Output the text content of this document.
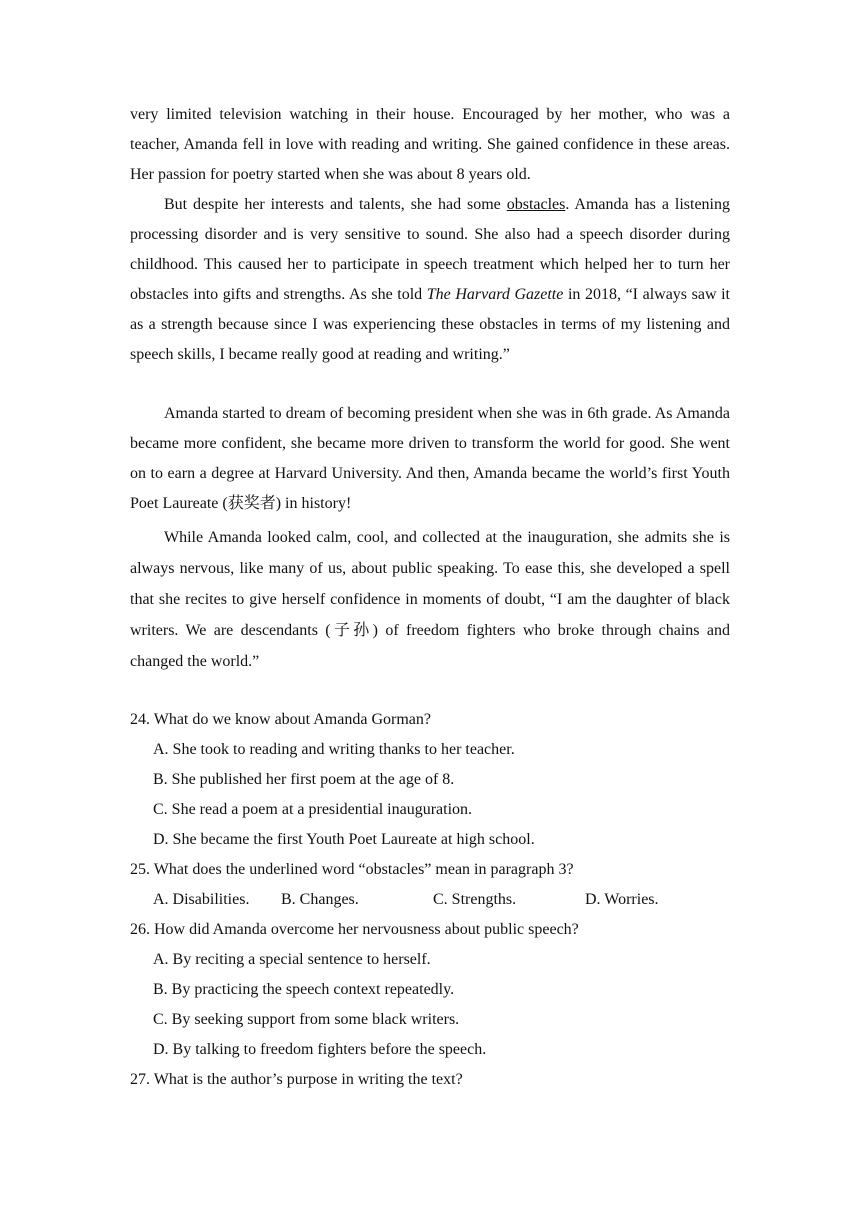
very limited television watching in their house. Encouraged by her mother, who was a teacher, Amanda fell in love with reading and writing. She gained confidence in these areas. Her passion for poetry started when she was about 8 years old.

But despite her interests and talents, she had some obstacles. Amanda has a listening processing disorder and is very sensitive to sound. She also had a speech disorder during childhood. This caused her to participate in speech treatment which helped her to turn her obstacles into gifts and strengths. As she told The Harvard Gazette in 2018, “I always saw it as a strength because since I was experiencing these obstacles in terms of my listening and speech skills, I became really good at reading and writing.”

Amanda started to dream of becoming president when she was in 6th grade. As Amanda became more confident, she became more driven to transform the world for good. She went on to earn a degree at Harvard University. And then, Amanda became the world’s first Youth Poet Laureate (获奖者) in history!

While Amanda looked calm, cool, and collected at the inauguration, she admits she is always nervous, like many of us, about public speaking. To ease this, she developed a spell that she recites to give herself confidence in moments of doubt, “I am the daughter of black writers. We are descendants (子孙) of freedom fighters who broke through chains and changed the world.”

24. What do we know about Amanda Gorman?

A. She took to reading and writing thanks to her teacher.

B. She published her first poem at the age of 8.

C. She read a poem at a presidential inauguration.

D. She became the first Youth Poet Laureate at high school.

25. What does the underlined word “obstacles” mean in paragraph 3?

A. Disabilities. B. Changes.	C. Strengths.	D. Worries.

26. How did Amanda overcome her nervousness about public speech?

A. By reciting a special sentence to herself.

B. By practicing the speech context repeatedly.

C. By seeking support from some black writers.

D. By talking to freedom fighters before the speech.

27. What is the author’s purpose in writing the text?
